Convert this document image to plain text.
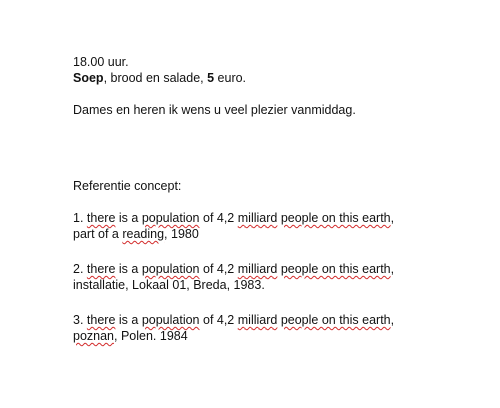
18.00 uur.
Soep, brood en salade, 5 euro.
Dames en heren ik wens u veel plezier vanmiddag.
Referentie concept:
1. there is a population of 4,2 milliard people on this earth,
part of a reading, 1980
2. there is a population of 4,2 milliard people on this earth,
installatie, Lokaal 01, Breda, 1983.
3. there is a population of 4,2 milliard people on this earth,
poznan, Polen. 1984
